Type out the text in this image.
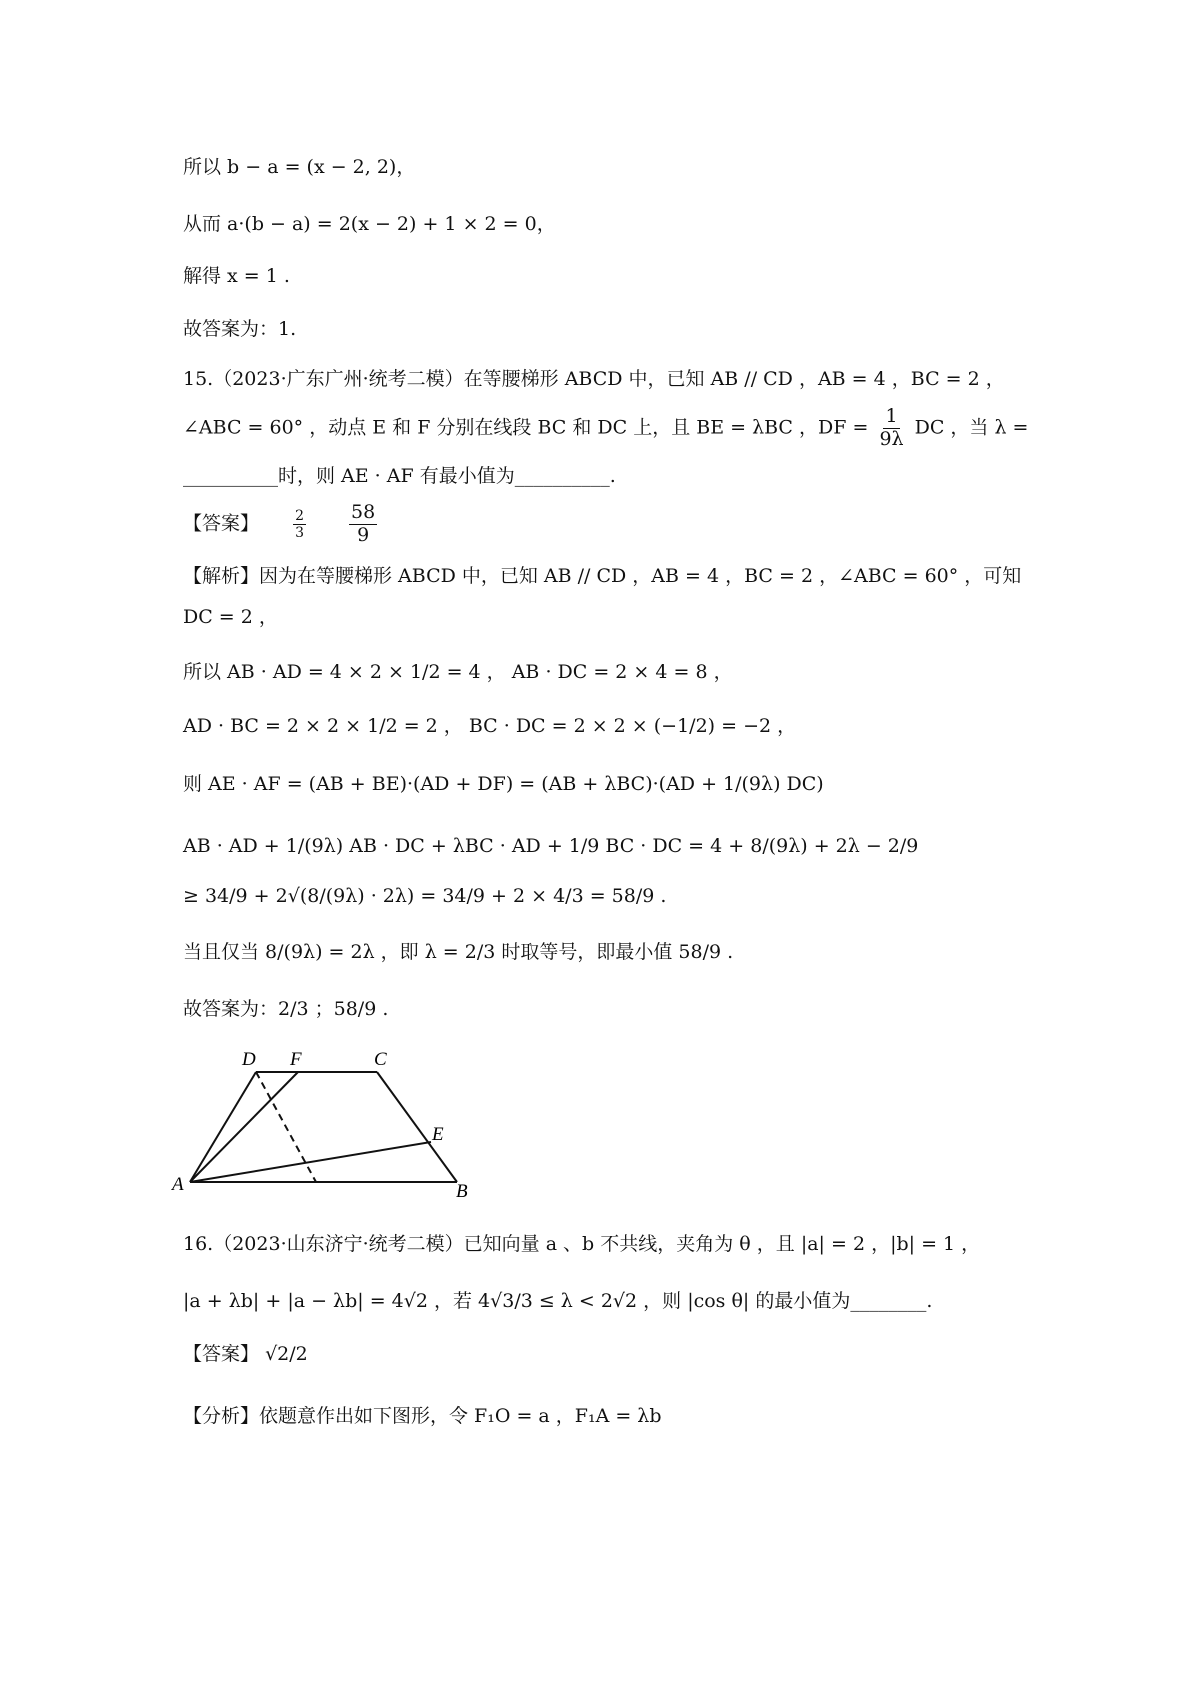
所以 b − a = (x − 2, 2)，
从而 a·(b − a) = 2(x − 2) + 1 × 2 = 0，
解得 x = 1 .
故答案为：1.
15.（2023·广东广州·统考二模）在等腰梯形 ABCD 中，已知 AB // CD ，AB = 4 ，BC = 2 ，
∠ABC = 60° ，动点 E 和 F 分别在线段 BC 和 DC 上，且 BE = λBC ，DF = $\frac{1}{9\lambda}$ DC ，当 λ =
__________时，则 AE · AF 有最小值为__________.
【答案】 $\frac{2}{3}$
$\frac{58}{9}$
【解析】因为在等腰梯形 ABCD 中，已知 AB // CD ，AB = 4 ，BC = 2 ，∠ABC = 60° ，可知
DC = 2 ，
所以 AB · AD = 4 × 2 × 1/2 = 4 ， AB · DC = 2 × 4 = 8 ，
AD · BC = 2 × 2 × 1/2 = 2 ， BC · DC = 2 × 2 × (−1/2) = −2 ，
则 AE · AF = (AB + BE)·(AD + DF) = (AB + λBC)·(AD + 1/(9λ) DC)
AB · AD + 1/(9λ) AB · DC + λBC · AD + 1/9 BC · DC = 4 + 8/(9λ) + 2λ − 2/9
≥ 34/9 + 2√(8/(9λ) · 2λ) = 34/9 + 2 × 4/3 = 58/9 .
当且仅当 8/(9λ) = 2λ ，即 λ = 2/3 时取等号，即最小值 58/9 .
故答案为：2/3 ；58/9 .
D F	C
E
A	B
16.（2023·山东济宁·统考二模）已知向量 a 、b 不共线，夹角为 θ ，且 |a| = 2 ，|b| = 1 ，
|a + λb| + |a − λb| = 4√2 ，若 4√3/3 ≤ λ < 2√2 ，则 |cos θ| 的最小值为________.
【答案】 √2/2
【分析】依题意作出如下图形，令 F₁O = a ，F₁A = λb
